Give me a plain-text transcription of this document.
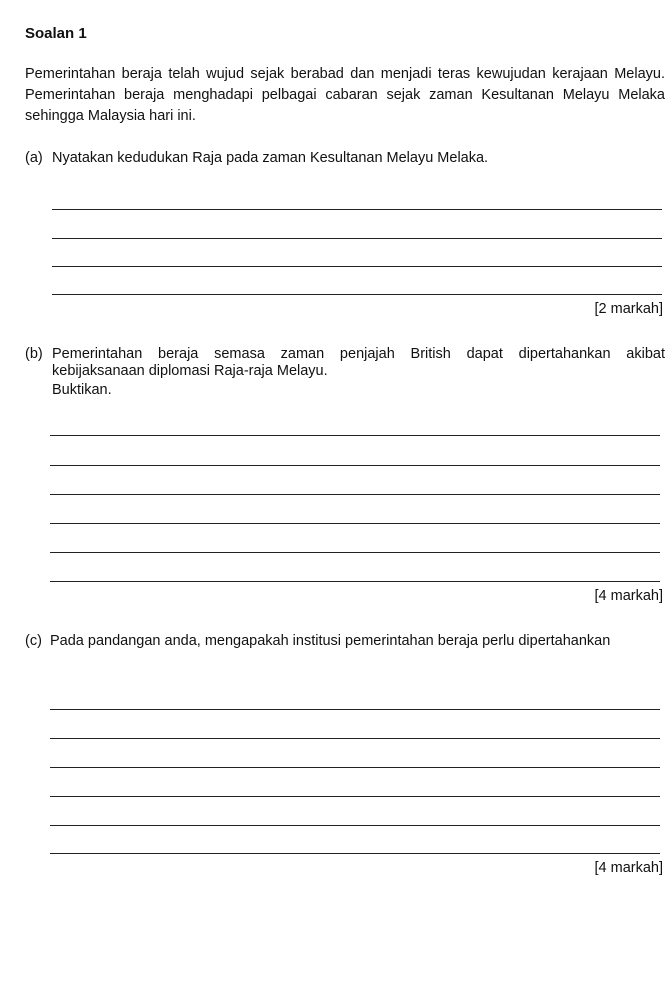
Soalan 1
Pemerintahan beraja telah wujud sejak berabad dan menjadi teras kewujudan kerajaan Melayu. Pemerintahan beraja menghadapi pelbagai cabaran sejak zaman Kesultanan Melayu Melaka sehingga Malaysia hari ini.
(a) Nyatakan kedudukan Raja pada zaman Kesultanan Melayu Melaka.
[2 markah]
(b) Pemerintahan beraja semasa zaman penjajah British dapat dipertahankan akibat kebijaksanaan diplomasi Raja-raja Melayu.
Buktikan.
[4 markah]
(c) Pada pandangan anda, mengapakah institusi pemerintahan beraja perlu dipertahankan
[4 markah]
